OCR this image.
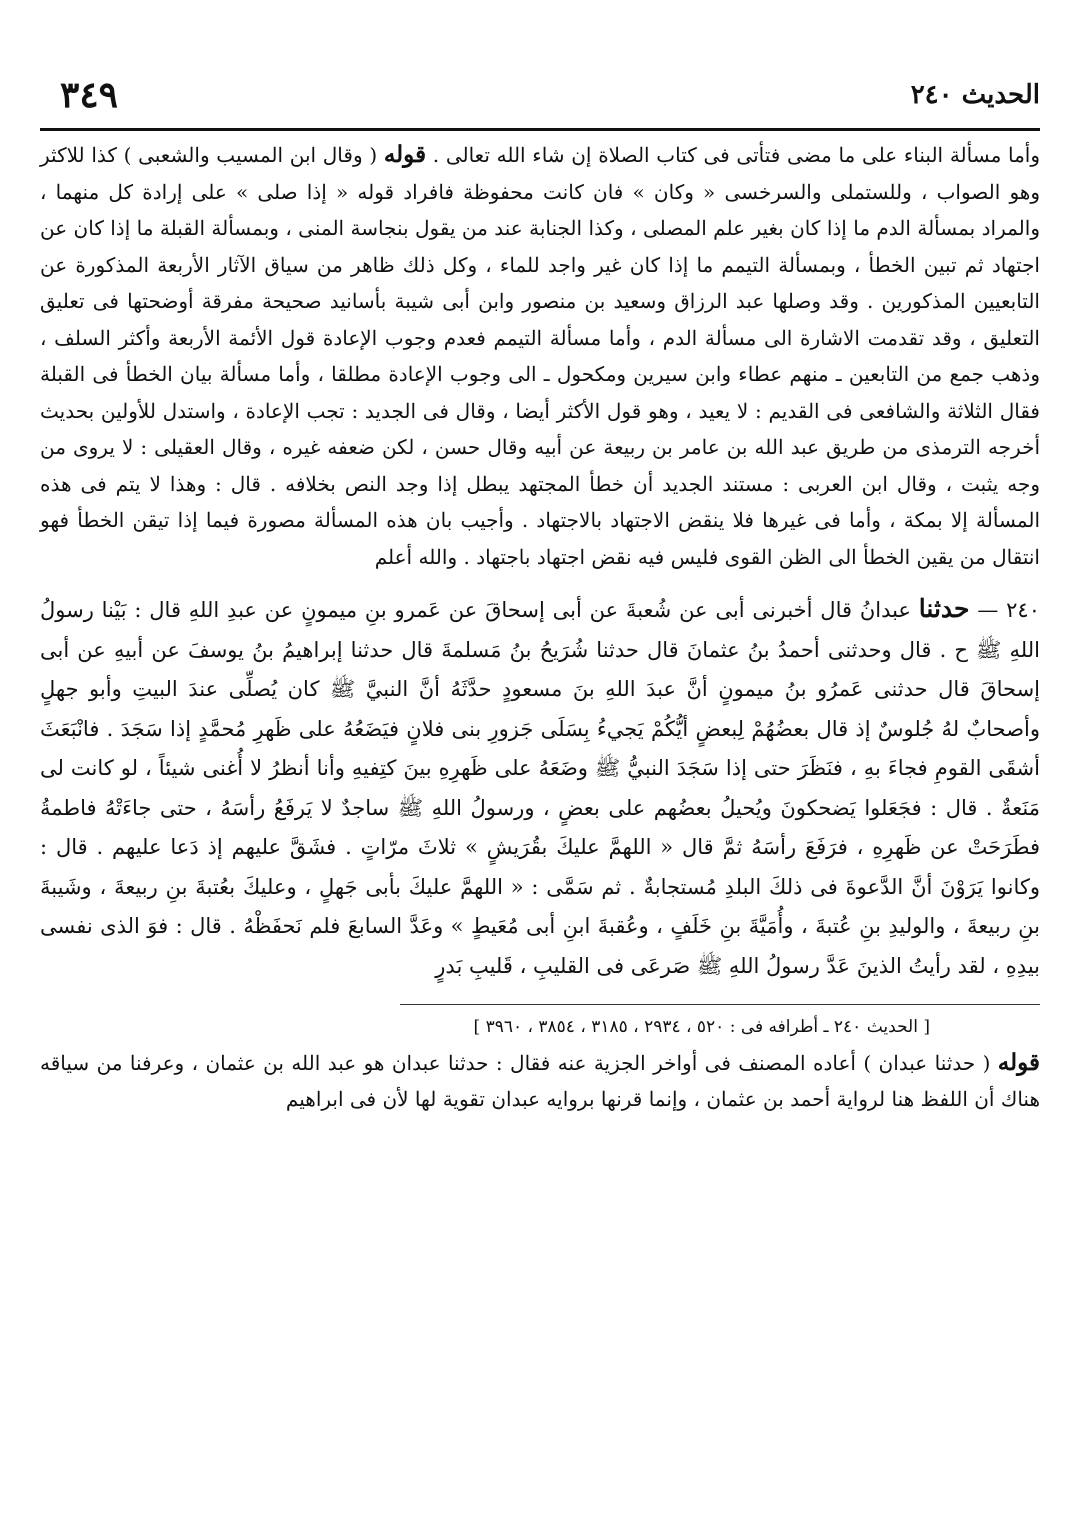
الحديث ٢٤٠
٣٤٩
وأما مسألة البناء على ما مضى فتأتى فى كتاب الصلاة إن شاء الله تعالى . قوله ( وقال ابن المسيب والشعبى ) كذا للاكثر وهو الصواب ، وللستملى والسرخسى « وكان » فان كانت محفوظة فافراد قوله « إذا صلى » على إرادة كل منهما ، والمراد بمسألة الدم ما إذا كان بغير علم المصلى ، وكذا الجنابة عند من يقول بنجاسة المنى ، وبمسألة القبلة ما إذا كان عن اجتهاد ثم تبين الخطأ ، وبمسألة التيمم ما إذا كان غير واجد للماء ، وكل ذلك ظاهر من سياق الآثار الأربعة المذكورة عن التابعيين المذكورين . وقد وصلها عبد الرزاق وسعيد بن منصور وابن أبى شيبة بأسانيد صحيحة مفرقة أوضحتها فى تعليق التعليق ، وقد تقدمت الاشارة الى مسألة الدم ، وأما مسألة التيمم فعدم وجوب الإعادة قول الأئمة الأربعة وأكثر السلف ، وذهب جمع من التابعين ـ منهم عطاء وابن سيرين ومكحول ـ الى وجوب الإعادة مطلقا ، وأما مسألة بيان الخطأ فى القبلة فقال الثلاثة والشافعى فى القديم : لا يعيد ، وهو قول الأكثر أيضا ، وقال فى الجديد : تجب الإعادة ، واستدل للأولين بحديث أخرجه الترمذى من طريق عبد الله بن عامر بن ربيعة عن أبيه وقال حسن ، لكن ضعفه غيره ، وقال العقيلى : لا يروى من وجه يثبت ، وقال ابن العربى : مستند الجديد أن خطأ المجتهد يبطل إذا وجد النص بخلافه . قال : وهذا لا يتم فى هذه المسألة إلا بمكة ، وأما فى غيرها فلا ينقض الاجتهاد بالاجتهاد . وأجيب بان هذه المسألة مصورة فيما إذا تيقن الخطأ فهو انتقال من يقين الخطأ الى الظن القوى فليس فيه نقض اجتهاد باجتهاد . والله أعلم
٢٤٠ — حدثنا عبدانُ قال أخبرنى أبى عن شُعبةَ عن أبى إسحاقَ عن عَمرو بنِ ميمونٍ عن عبدِ اللهِ قال : بَيْنا رسولُ اللهِ ﷺ ح . قال وحدثنى أحمدُ بنُ عثمانَ قال حدثنا شُرَيحُ بنُ مَسلمةَ قال حدثنا إبراهيمُ بنُ يوسفَ عن أبيهِ عن أبى إسحاقَ قال حدثنى عَمرُو بنُ ميمونٍ أنَّ عبدَ اللهِ بنَ مسعودٍ حدَّثَهُ أنَّ النبيَّ ﷺ كان يُصلِّى عندَ البيتِ وأبو جهلٍ وأصحابٌ لهُ جُلوسٌ إذ قال بعضُهُمْ لِبعضٍ أيُّكُمْ يَجيءُ بِسَلَى جَزورِ بنى فلانٍ فيَضَعُهُ على ظَهرِ مُحمَّدٍ إذا سَجَدَ . فانْبَعَثَ أشقَى القومِ فجاءَ بهِ ، فنَظَرَ حتى إذا سَجَدَ النبيُّ ﷺ وضَعَهُ على ظَهرِهِ بينَ كتِفيهِ وأنا أنظرُ لا أُغنى شيئاً ، لو كانت لى مَنَعةٌ . قال : فجَعَلوا يَضحكونَ ويُحيلُ بعضُهم على بعضٍ ، ورسولُ اللهِ ﷺ ساجدٌ لا يَرفَعُ رأسَهُ ، حتى جاءَتْهُ فاطمةُ فطَرَحَتْ عن ظَهرِهِ ، فرَفَعَ رأسَهُ ثمَّ قال « اللهمَّ عليكَ بقُرَيشٍ » ثلاثَ مرّاتٍ . فشَقَّ عليهم إذ دَعا عليهم . قال : وكانوا يَرَوْنَ أنَّ الدَّعوةَ فى ذلكَ البلدِ مُستجابةٌ . ثم سَمَّى : « اللهمَّ عليكَ بأبى جَهلٍ ، وعليكَ بعُتبةَ بنِ ربيعةَ ، وشَيبةَ بنِ ربيعةَ ، والوليدِ بنِ عُتبةَ ، وأُمَيَّةَ بنِ خَلَفٍ ، وعُقبةَ ابنِ أبى مُعَيطٍ » وعَدَّ السابعَ فلم نَحفَظْهُ . قال : فوَ الذى نفسى بيدِهِ ، لقد رأيتُ الذينَ عَدَّ رسولُ اللهِ ﷺ صَرعَى فى القليبِ ، قَليبِ بَدرٍ
[ الحديث ٢٤٠ ـ أطرافه فى : ٥٢٠ ، ٢٩٣٤ ، ٣١٨٥ ، ٣٨٥٤ ، ٣٩٦٠ ]
قوله ( حدثنا عبدان ) أعاده المصنف فى أواخر الجزية عنه فقال : حدثنا عبدان هو عبد الله بن عثمان ، وعرفنا من سياقه هناك أن اللفظ هنا لرواية أحمد بن عثمان ، وإنما قرنها بروايه عبدان تقوية لها لأن فى ابراهيم
